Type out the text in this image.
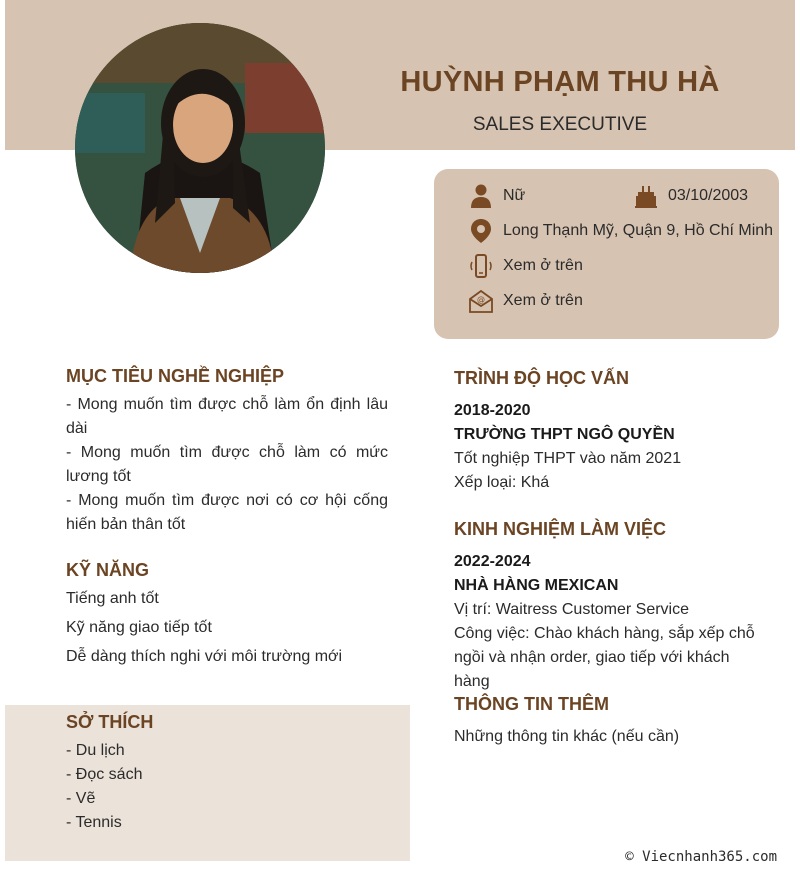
HUỲNH PHẠM THU HÀ
SALES EXECUTIVE
Nữ	03/10/2003
Long Thạnh Mỹ, Quận 9, Hồ Chí Minh
Xem ở trên
@ Xem ở trên
MỤC TIÊU NGHỀ NGHIỆP
- Mong muốn tìm được chỗ làm ổn định lâu dài
- Mong muốn tìm được chỗ làm có mức lương tốt
- Mong muốn tìm được nơi có cơ hội cống hiến bản thân tốt
KỸ NĂNG
Tiếng anh tốt
Kỹ năng giao tiếp tốt
Dễ dàng thích nghi với môi trường mới
SỞ THÍCH
- Du lịch
- Đọc sách
- Vẽ
- Tennis
TRÌNH ĐỘ HỌC VẤN
2018-2020
TRƯỜNG THPT NGÔ QUYỀN
Tốt nghiệp THPT vào năm 2021
Xếp loại: Khá
KINH NGHIỆM LÀM VIỆC
2022-2024
NHÀ HÀNG MEXICAN
Vị trí: Waitress Customer Service
Công việc: Chào khách hàng, sắp xếp chỗ ngồi và nhận order, giao tiếp với khách hàng
THÔNG TIN THÊM
Những thông tin khác (nếu cần)
© Viecnhanh365.com
